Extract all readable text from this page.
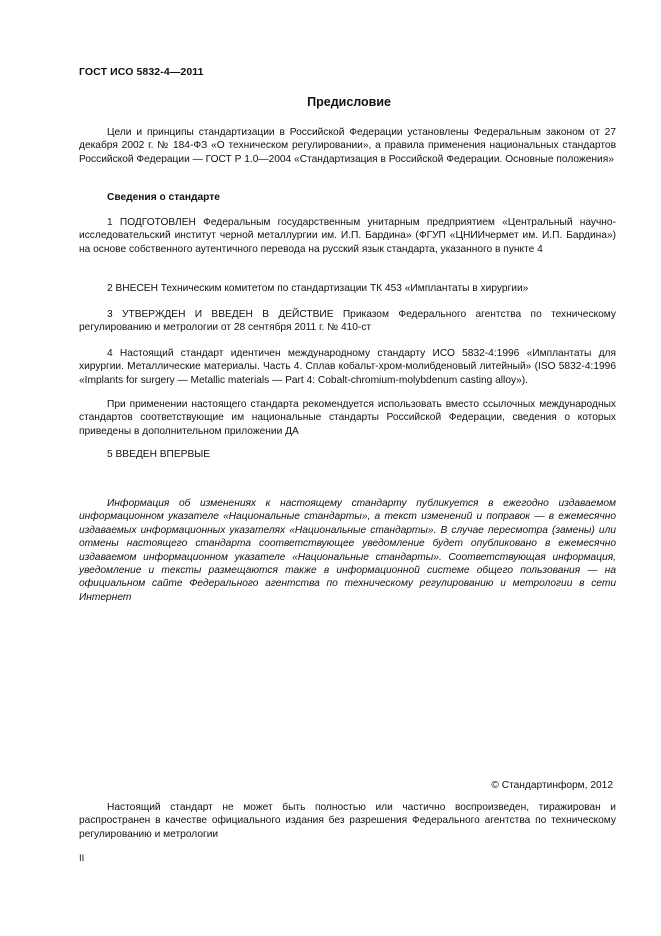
ГОСТ ИСО 5832-4—2011
Предисловие
Цели и принципы стандартизации в Российской Федерации установлены Федеральным законом от 27 декабря 2002 г. № 184-ФЗ «О техническом регулировании», а правила применения национальных стандартов Российской Федерации — ГОСТ Р 1.0—2004 «Стандартизация в Российской Федерации. Основные положения»
Сведения о стандарте
1 ПОДГОТОВЛЕН Федеральным государственным унитарным предприятием «Центральный научно-исследовательский институт черной металлургии им. И.П. Бардина» (ФГУП «ЦНИИчермет им. И.П. Бардина») на основе собственного аутентичного перевода на русский язык стандарта, указанного в пункте 4
2 ВНЕСЕН Техническим комитетом по стандартизации ТК 453 «Имплантаты в хирургии»
3 УТВЕРЖДЕН И ВВЕДЕН В ДЕЙСТВИЕ Приказом Федерального агентства по техническому регулированию и метрологии от 28 сентября 2011 г. № 410-ст
4 Настоящий стандарт идентичен международному стандарту ИСО 5832-4:1996 «Имплантаты для хирургии. Металлические материалы. Часть 4. Сплав кобальт-хром-молибденовый литейный» (ISO 5832-4:1996 «Implants for surgery — Metallic materials — Part 4: Cobalt-chromium-molybdenum casting alloy»).
При применении настоящего стандарта рекомендуется использовать вместо ссылочных международных стандартов соответствующие им национальные стандарты Российской Федерации, сведения о которых приведены в дополнительном приложении ДА
5 ВВЕДЕН ВПЕРВЫЕ
Информация об изменениях к настоящему стандарту публикуется в ежегодно издаваемом информационном указателе «Национальные стандарты», а текст изменений и поправок — в ежемесячно издаваемых информационных указателях «Национальные стандарты». В случае пересмотра (замены) или отмены настоящего стандарта соответствующее уведомление будет опубликовано в ежемесячно издаваемом информационном указателе «Национальные стандарты». Соответствующая информация, уведомление и тексты размещаются также в информационной системе общего пользования — на официальном сайте Федерального агентства по техническому регулированию и метрологии в сети Интернет
© Стандартинформ, 2012
Настоящий стандарт не может быть полностью или частично воспроизведен, тиражирован и распространен в качестве официального издания без разрешения Федерального агентства по техническому регулированию и метрологии
II
